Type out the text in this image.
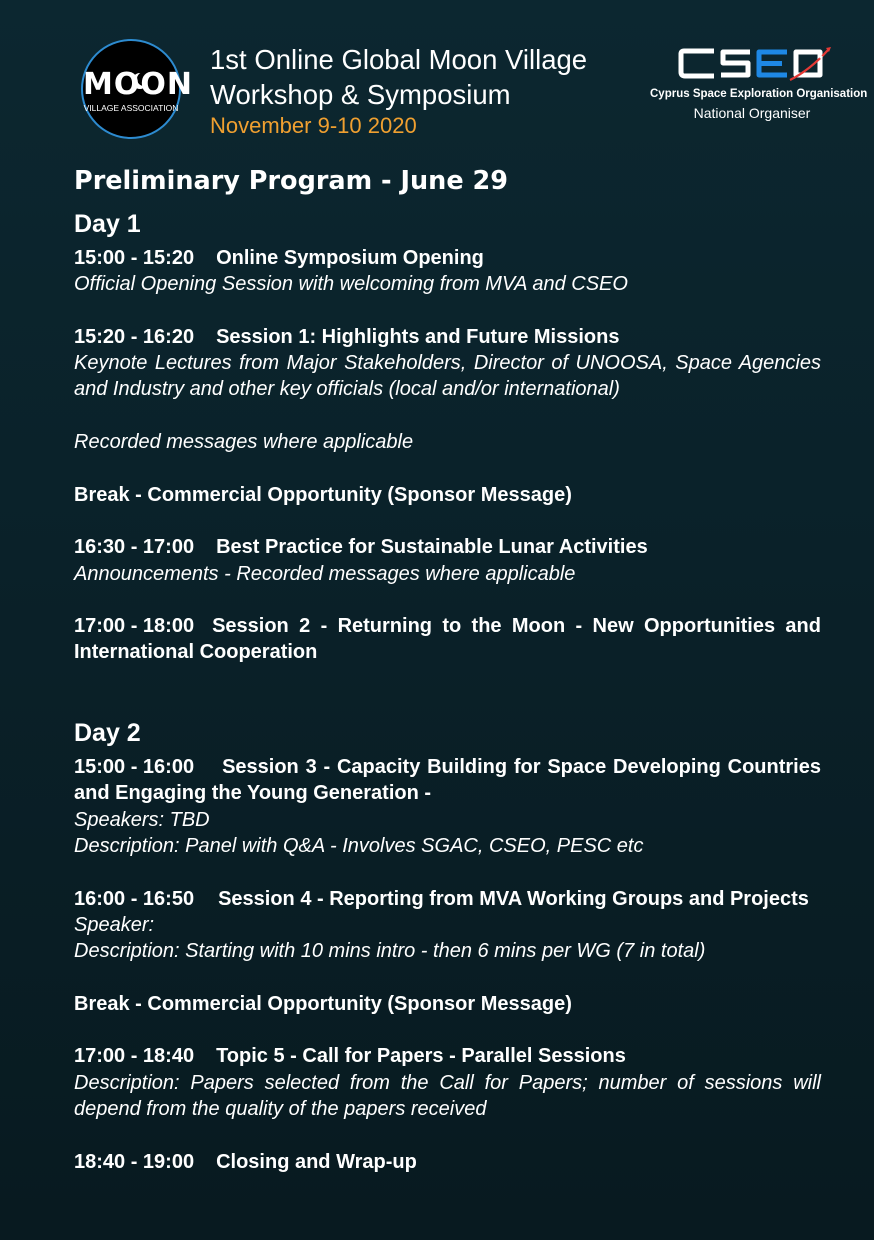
MOON
VILLAGE ASSOCIATION
1st Online Global Moon Village
Workshop & Symposium
November 9-10 2020
Cyprus Space Exploration Organisation
National Organiser
Preliminary Program - June 29
Day 1
15:00 - 15:20 Online Symposium Opening
Official Opening Session with welcoming from MVA and CSEO
15:20 - 16:20 Session 1: Highlights and Future Missions
Keynote Lectures from Major Stakeholders, Director of UNOOSA, Space Agencies and Industry and other key officials (local and/or international)
Recorded messages where applicable
Break - Commercial Opportunity (Sponsor Message)
16:30 - 17:00 Best Practice for Sustainable Lunar Activities
Announcements - Recorded messages where applicable
17:00 - 18:00 Session 2 - Returning to the Moon - New Opportunities and International Cooperation
Day 2
15:00 - 16:00 Session 3 - Capacity Building for Space Developing Countries and Engaging the Young Generation -
Speakers: TBD
Description: Panel with Q&A - Involves SGAC, CSEO, PESC etc
16:00 - 16:50 Session 4 - Reporting from MVA Working Groups and Projects
Speaker:
Description: Starting with 10 mins intro - then 6 mins per WG (7 in total)
Break - Commercial Opportunity (Sponsor Message)
17:00 - 18:40 Topic 5 - Call for Papers - Parallel Sessions
Description: Papers selected from the Call for Papers; number of sessions will depend from the quality of the papers received
18:40 - 19:00 Closing and Wrap-up
